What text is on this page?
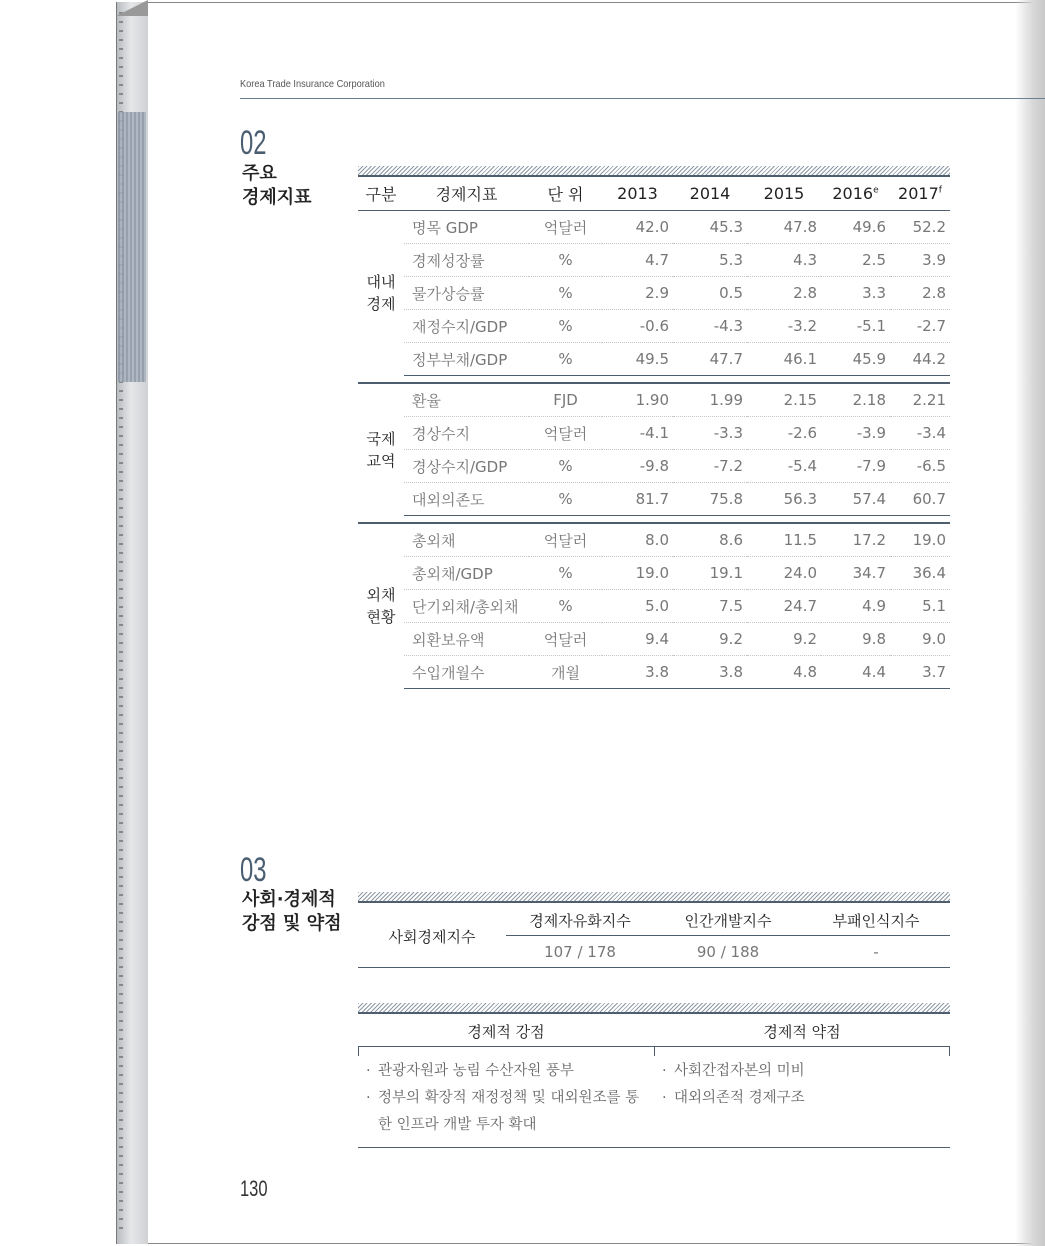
Korea Trade Insurance Corporation
02
주요
경제지표	구분	경제지표	단 위	2013	2014	2015	2016e	2017$^f$
대내
경제	명목 GDP	억달러	42.0	45.3	47.8	49.6	52.2
	경제성장률	%	4.7	5.3	4.3	2.5	3.9
	물가상승률	%	2.9	0.5	2.8	3.3	2.8
	재정수지/GDP	%	-0.6	-4.3	-3.2	-5.1	-2.7
	정부부채/GDP	%	49.5	47.7	46.1	45.9	44.2

국제
교역	환율	FJD	1.90	1.99	2.15	2.18	2.21
	경상수지	억달러	-4.1	-3.3	-2.6	-3.9	-3.4
	경상수지/GDP	%	-9.8	-7.2	-5.4	-7.9	-6.5
	대외의존도	%	81.7	75.8	56.3	57.4	60.7

외채
현황	총외채	억달러	8.0	8.6	11.5	17.2	19.0
	총외채/GDP	%	19.0	19.1	24.0	34.7	36.4
	단기외채/총외채	%	5.0	7.5	24.7	4.9	5.1
	외환보유액	억달러	9.4	9.2	9.2	9.8	9.0
	수입개월수	개월	3.8	3.8	4.8	4.4	3.7
03
사회·경제적
강점 및 약점
사회경제지수
경제자유화지수	인간개발지수	부패인식지수
107 / 178	90 / 188	-
경제적 강점	경제적 약점
· 관광자원과 농림 수산자원 풍부
· 정부의 확장적 재정정책 및 대외원조를 통한 인프라 개발 투자 확대
· 사회간접자본의 미비
· 대외의존적 경제구조
130
